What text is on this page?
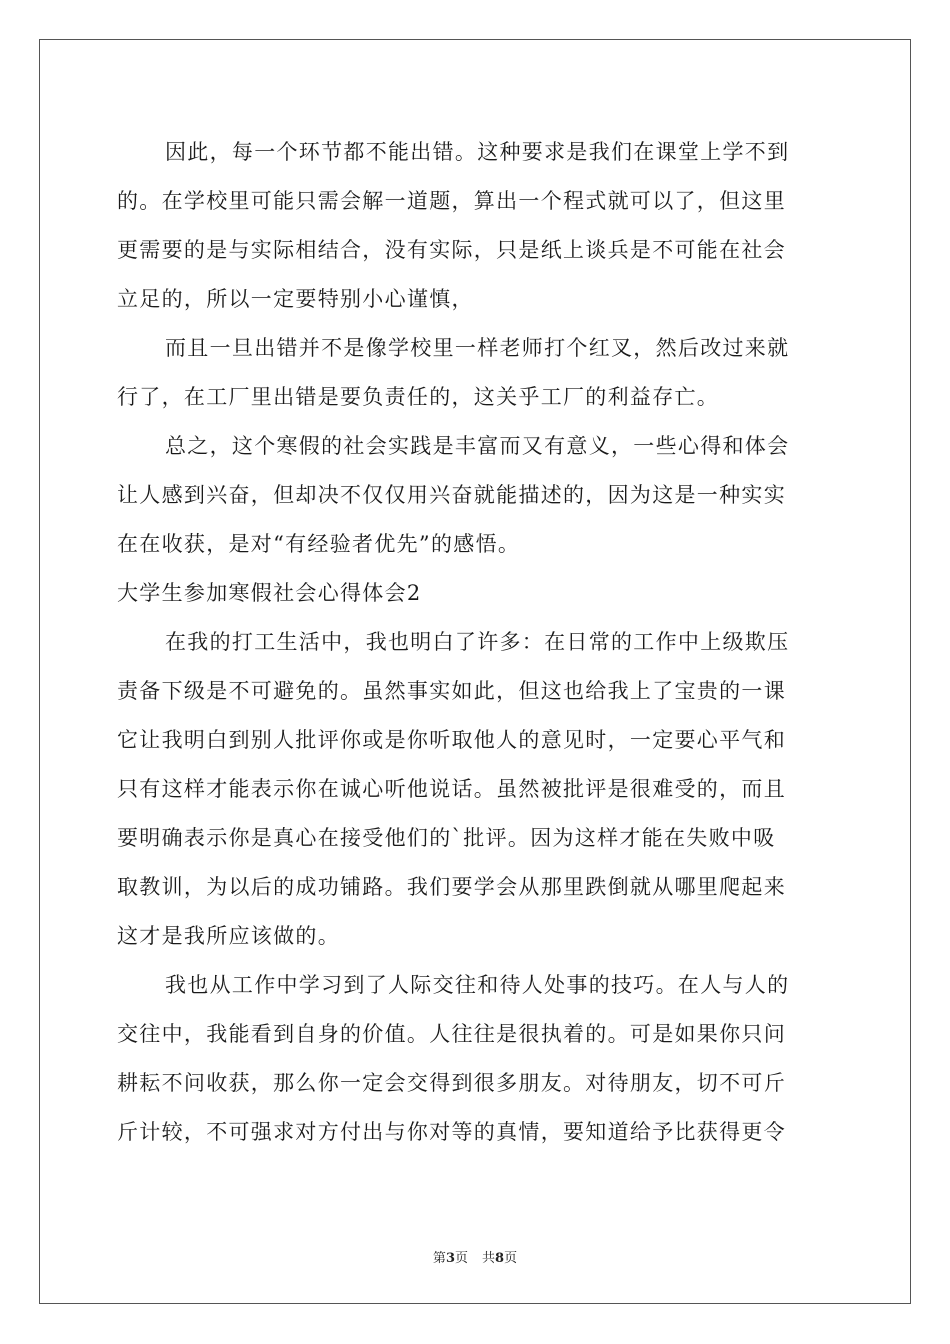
因此，每一个环节都不能出错。这种要求是我们在课堂上学不到
的。在学校里可能只需会解一道题，算出一个程式就可以了，但这里
更需要的是与实际相结合，没有实际，只是纸上谈兵是不可能在社会
立足的，所以一定要特别小心谨慎，
而且一旦出错并不是像学校里一样老师打个红叉，然后改过来就
行了，在工厂里出错是要负责任的，这关乎工厂的利益存亡。
总之，这个寒假的社会实践是丰富而又有意义，一些心得和体会
让人感到兴奋，但却决不仅仅用兴奋就能描述的，因为这是一种实实
在在收获，是对“有经验者优先”的感悟。
大学生参加寒假社会心得体会2
在我的打工生活中，我也明白了许多：在日常的工作中上级欺压
责备下级是不可避免的。虽然事实如此，但这也给我上了宝贵的一课
它让我明白到别人批评你或是你听取他人的意见时，一定要心平气和
只有这样才能表示你在诚心听他说话。虽然被批评是很难受的，而且
要明确表示你是真心在接受他们的`批评。因为这样才能在失败中吸
取教训，为以后的成功铺路。我们要学会从那里跌倒就从哪里爬起来
这才是我所应该做的。
我也从工作中学习到了人际交往和待人处事的技巧。在人与人的
交往中，我能看到自身的价值。人往往是很执着的。可是如果你只问
耕耘不问收获，那么你一定会交得到很多朋友。对待朋友，切不可斤
斤计较，不可强求对方付出与你对等的真情，要知道给予比获得更令
第3页 共8页
